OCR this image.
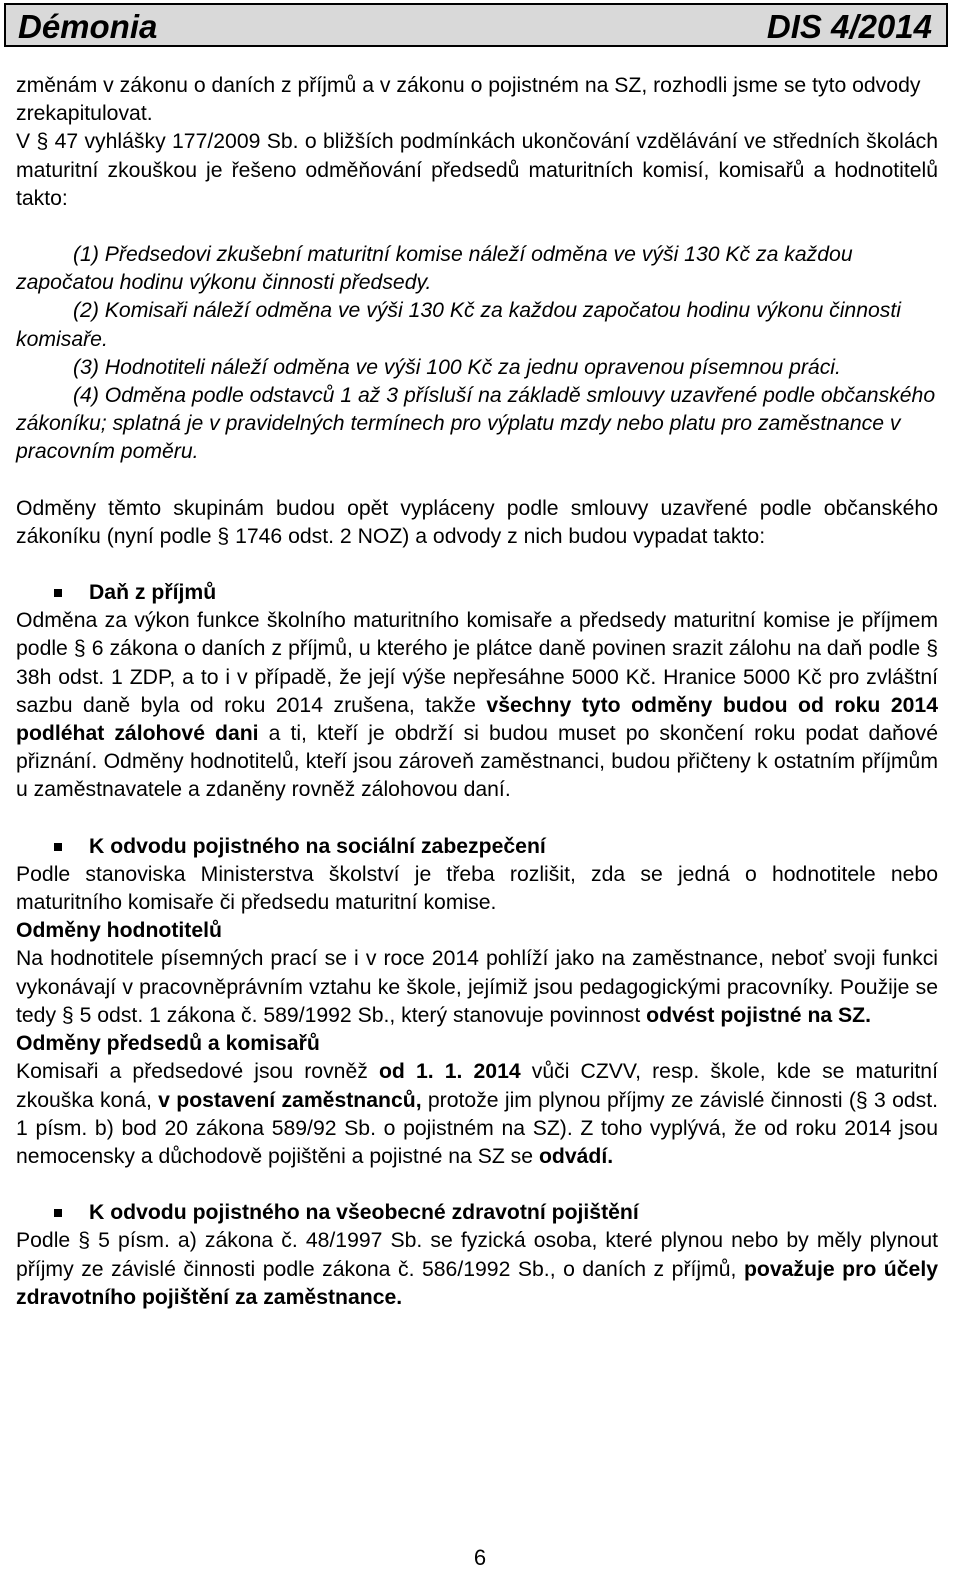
Démonia	DIS 4/2014

změnám v zákonu o daních z příjmů a v zákonu o pojistném na SZ, rozhodli jsme se tyto odvody zrekapitulovat.

V § 47 vyhlášky 177/2009 Sb. o bližších podmínkách ukončování vzdělávání ve středních školách maturitní zkouškou je řešeno odměňování předsedů maturitních komisí, komisařů a hodnotitelů takto:

(1) Předsedovi zkušební maturitní komise náleží odměna ve výši 130 Kč za každou započatou hodinu výkonu činnosti předsedy.

(2) Komisaři náleží odměna ve výši 130 Kč za každou započatou hodinu výkonu činnosti komisaře.

(3) Hodnotiteli náleží odměna ve výši 100 Kč za jednu opravenou písemnou práci.

(4) Odměna podle odstavců 1 až 3 přísluší na základě smlouvy uzavřené podle občanského zákoníku; splatná je v pravidelných termínech pro výplatu mzdy nebo platu pro zaměstnance v pracovním poměru.

Odměny těmto skupinám budou opět vypláceny podle smlouvy uzavřené podle občanského zákoníku (nyní podle § 1746 odst. 2 NOZ) a odvody z nich budou vypadat takto:

Daň z příjmů

Odměna za výkon funkce školního maturitního komisaře a předsedy maturitní komise je příjmem podle § 6 zákona o daních z příjmů, u kterého je plátce daně povinen srazit zálohu na daň podle § 38h odst. 1 ZDP, a to i v případě, že její výše nepřesáhne 5000 Kč. Hranice 5000 Kč pro zvláštní sazbu daně byla od roku 2014 zrušena, takže všechny tyto odměny budou od roku 2014 podléhat zálohové dani a ti, kteří je obdrží si budou muset po skončení roku podat daňové přiznání. Odměny hodnotitelů, kteří jsou zároveň zaměstnanci, budou přičteny k ostatním příjmům u zaměstnavatele a zdaněny rovněž zálohovou daní.

K odvodu pojistného na sociální zabezpečení

Podle stanoviska Ministerstva školství je třeba rozlišit, zda se jedná o hodnotitele nebo maturitního komisaře či předsedu maturitní komise.

Odměny hodnotitelů

Na hodnotitele písemných prací se i v roce 2014 pohlíží jako na zaměstnance, neboť svoji funkci vykonávají v pracovněprávním vztahu ke škole, jejímiž jsou pedagogickými pracovníky. Použije se tedy § 5 odst. 1 zákona č. 589/1992 Sb., který stanovuje povinnost odvést pojistné na SZ.

Odměny předsedů a komisařů

Komisaři a předsedové jsou rovněž od 1. 1. 2014 vůči CZVV, resp. škole, kde se maturitní zkouška koná, v postavení zaměstnanců, protože jim plynou příjmy ze závislé činnosti (§ 3 odst. 1 písm. b) bod 20 zákona 589/92 Sb. o pojistném na SZ). Z toho vyplývá, že od roku 2014 jsou nemocensky a důchodově pojištěni a pojistné na SZ se odvádí.

K odvodu pojistného na všeobecné zdravotní pojištění

Podle § 5 písm. a) zákona č. 48/1997 Sb. se fyzická osoba, které plynou nebo by měly plynout příjmy ze závislé činnosti podle zákona č. 586/1992 Sb., o daních z příjmů, považuje pro účely zdravotního pojištění za zaměstnance.

6
